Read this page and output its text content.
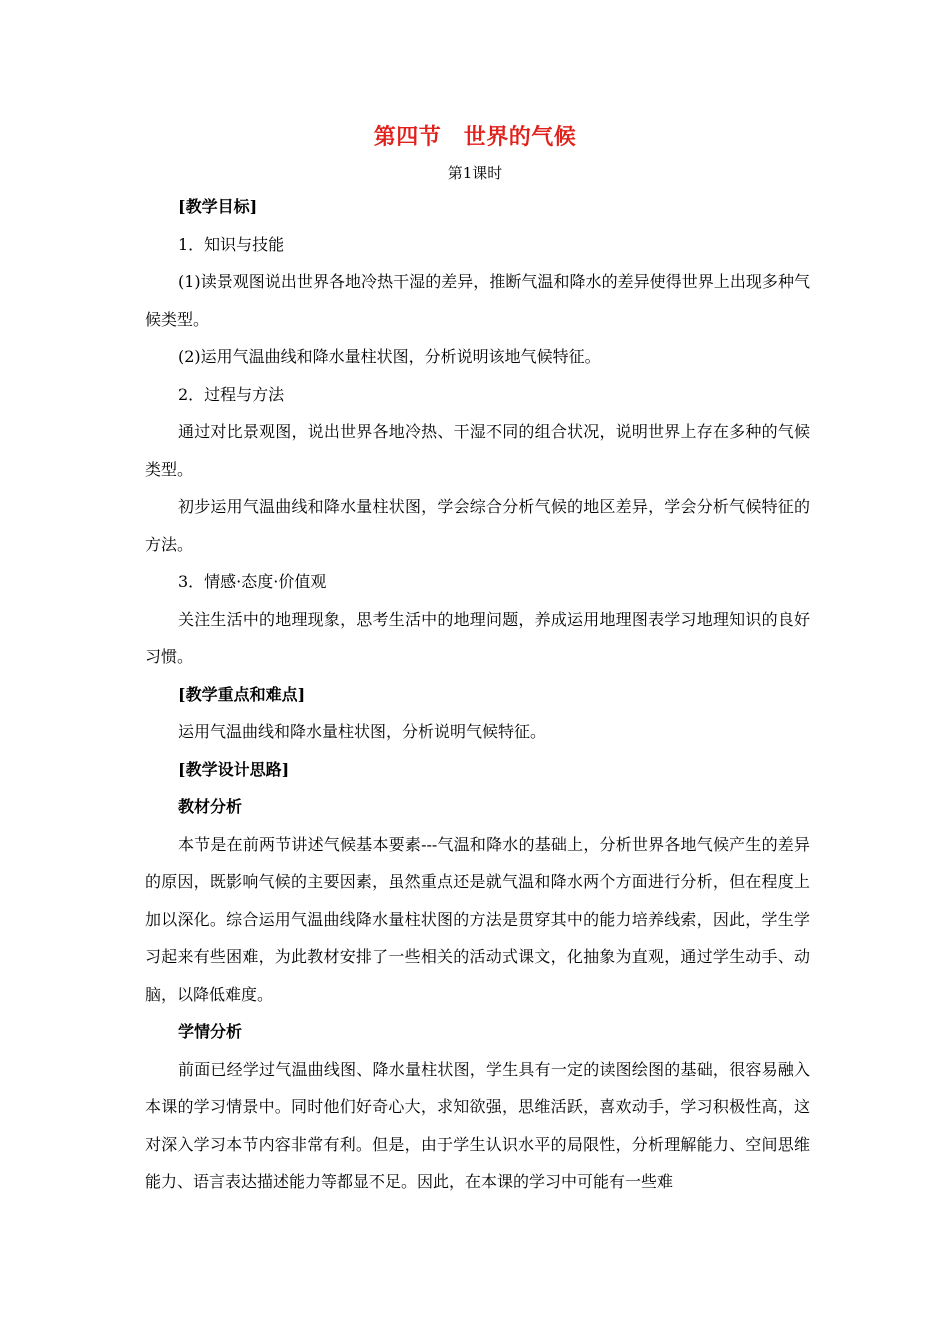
第四节　世界的气候
第1课时

[教学目标]

1．知识与技能

(1)读景观图说出世界各地冷热干湿的差异，推断气温和降水的差异使得世界上出现多种气候类型。

(2)运用气温曲线和降水量柱状图，分析说明该地气候特征。

2．过程与方法

通过对比景观图，说出世界各地冷热、干湿不同的组合状况，说明世界上存在多种的气候类型。

初步运用气温曲线和降水量柱状图，学会综合分析气候的地区差异，学会分析气候特征的方法。

3．情感·态度·价值观

关注生活中的地理现象，思考生活中的地理问题，养成运用地理图表学习地理知识的良好习惯。

[教学重点和难点]

运用气温曲线和降水量柱状图，分析说明气候特征。

[教学设计思路]

教材分析

本节是在前两节讲述气候基本要素---气温和降水的基础上，分析世界各地气候产生的差异的原因，既影响气候的主要因素，虽然重点还是就气温和降水两个方面进行分析，但在程度上加以深化。综合运用气温曲线降水量柱状图的方法是贯穿其中的能力培养线索，因此，学生学习起来有些困难，为此教材安排了一些相关的活动式课文，化抽象为直观，通过学生动手、动脑，以降低难度。

学情分析

前面已经学过气温曲线图、降水量柱状图，学生具有一定的读图绘图的基础，很容易融入本课的学习情景中。同时他们好奇心大，求知欲强，思维活跃，喜欢动手，学习积极性高，这对深入学习本节内容非常有利。但是，由于学生认识水平的局限性，分析理解能力、空间思维能力、语言表达描述能力等都显不足。因此，在本课的学习中可能有一些难
